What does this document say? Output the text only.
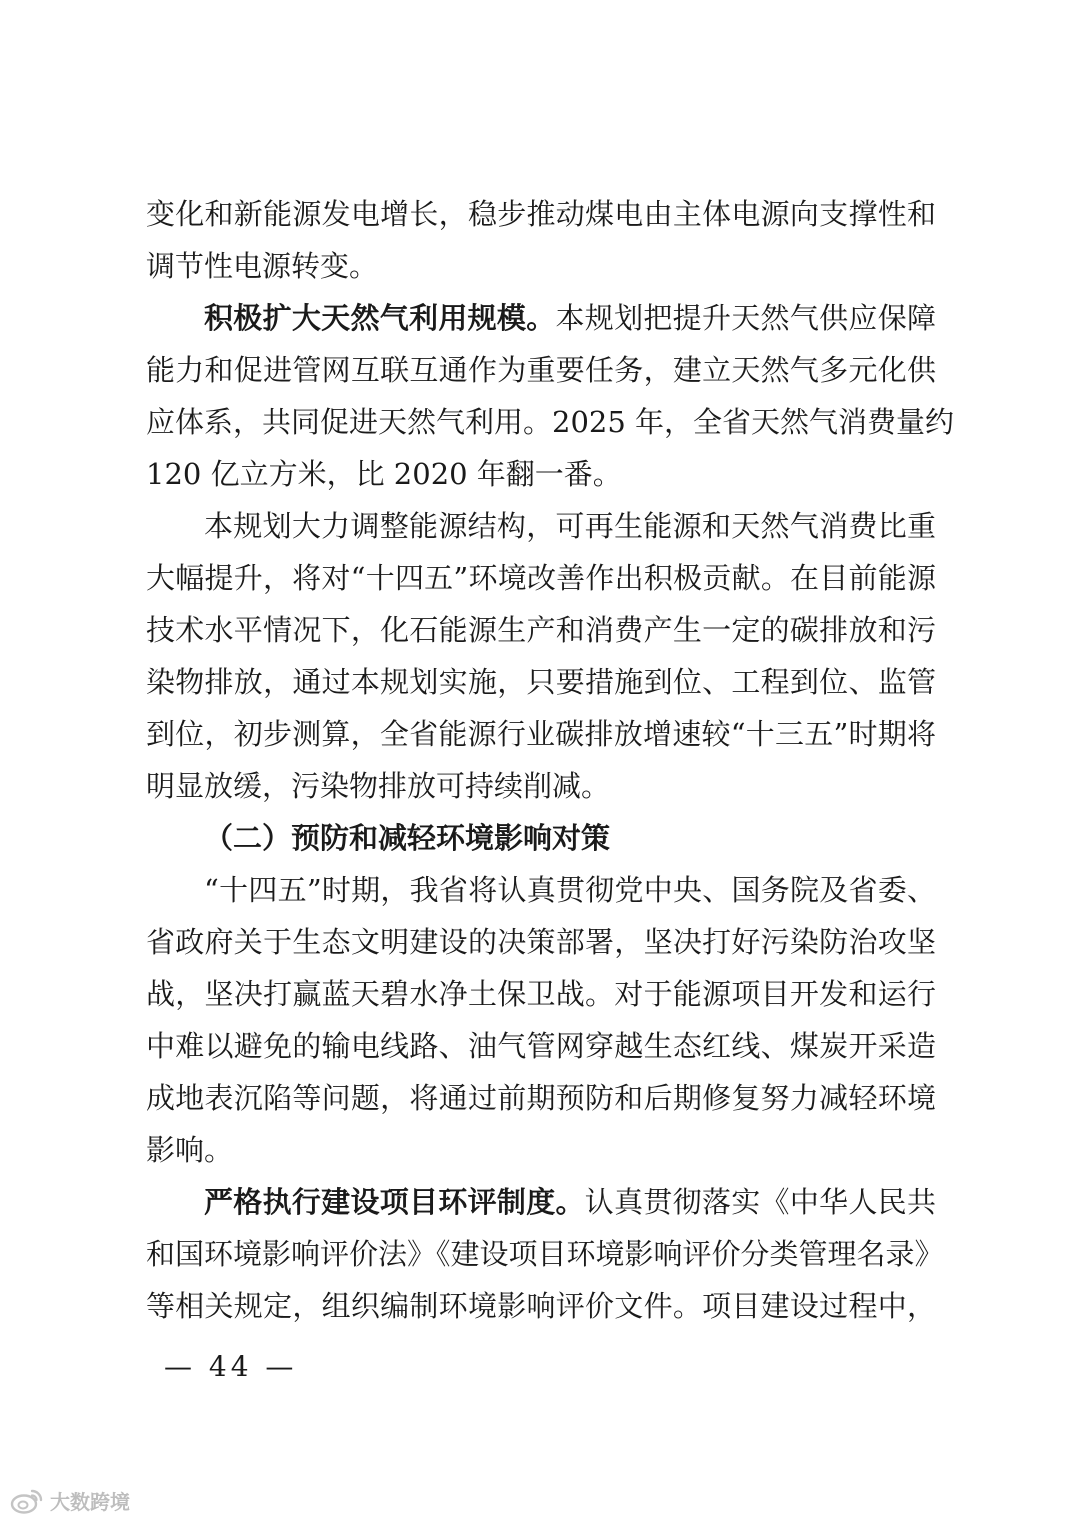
变化和新能源发电增长，稳步推动煤电由主体电源向支撑性和
调节性电源转变。
积极扩大天然气利用规模。本规划把提升天然气供应保障
能力和促进管网互联互通作为重要任务，建立天然气多元化供
应体系，共同促进天然气利用。2025 年，全省天然气消费量约
120 亿立方米，比 2020 年翻一番。
本规划大力调整能源结构，可再生能源和天然气消费比重
大幅提升，将对“十四五”环境改善作出积极贡献。在目前能源
技术水平情况下，化石能源生产和消费产生一定的碳排放和污
染物排放，通过本规划实施，只要措施到位、工程到位、监管
到位，初步测算，全省能源行业碳排放增速较“十三五”时期将
明显放缓，污染物排放可持续削减。
（二）预防和减轻环境影响对策
“十四五”时期，我省将认真贯彻党中央、国务院及省委、
省政府关于生态文明建设的决策部署，坚决打好污染防治攻坚
战，坚决打赢蓝天碧水净土保卫战。对于能源项目开发和运行
中难以避免的输电线路、油气管网穿越生态红线、煤炭开采造
成地表沉陷等问题，将通过前期预防和后期修复努力减轻环境
影响。
严格执行建设项目环评制度。认真贯彻落实《中华人民共
和国环境影响评价法》《建设项目环境影响评价分类管理名录》
等相关规定，组织编制环境影响评价文件。项目建设过程中，
— 44 —
大数跨境
